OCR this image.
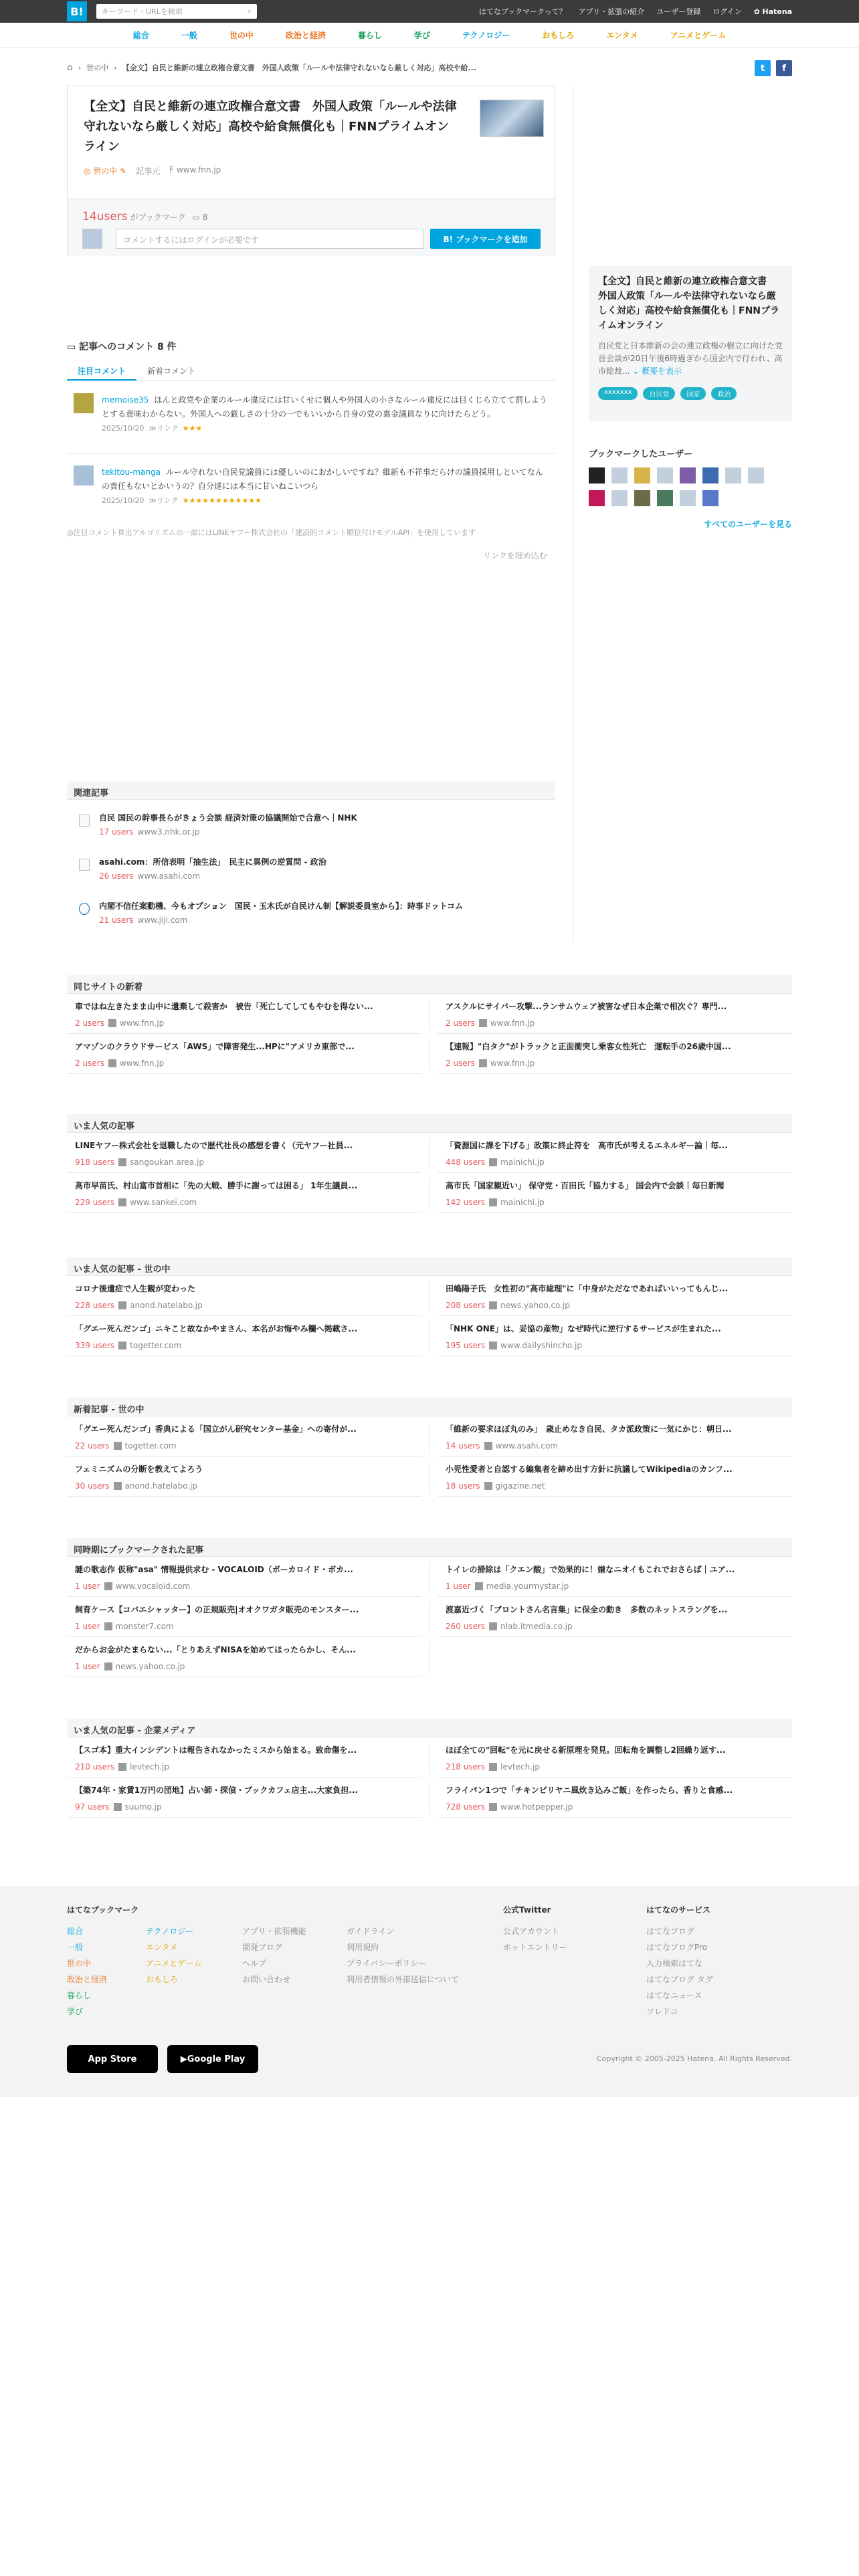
B!	キーワード・URLを検索	⌕	はてなブックマークって？ アプリ・拡張の紹介 ユーザー登録 ログイン ✿ Hatena
総合	一般	世の中	政治と経済	暮らし	学び	テクノロジー	おもしろ	エンタメ	アニメとゲーム
⌂ › 世の中 › 【全文】自民と維新の連立政権合意文書　外国人政策「ルールや法律守れないなら厳しく対応」高校や給...	t	f
【全文】自民と維新の連立政権合意文書　外国人政策「ルールや法律守れないなら厳しく対応」高校や給食無償化も｜FNNプライムオンライン
◎ 世の中 ✎ 記事元 F www.fnn.jp
14users がブックマーク ▭ 8
コメントするにはログインが必要です	B! ブックマークを追加
【全文】自民と維新の連立政権合意文書　外国人政策「ルールや法律守れないなら厳しく対応」高校や給食無償化も｜FNNプライムオンライン
自民党と日本維新の会の連立政権の樹立に向けた党首会談が20日午後6時過ぎから国会内で行われ、高市総裁... ⌄ 概要を表示
xxxxxxx	自民党	国家	政治
ブックマークしたユーザー
すべてのユーザーを見る
▭ 記事へのコメント 8 件
注目コメント	新着コメント
memoise35 ほんと政党や企業のルール違反には甘いくせに個人や外国人の小さなルール違反には目くじら立てて罰しようとする意味わからない。外国人への厳しさの十分の一でもいいから自身の党の裏金議員なりに向けたらどう。
2025/10/20 ≫リンク ★★★
tekitou-manga ルール守れない自民党議員には優しいのにおかしいですね？維新も不祥事だらけの議員採用しといてなんの責任もないとかいうの？自分達には本当に甘いねこいつら
2025/10/20 ≫リンク ★★★★★★★★★★★★
◎注目コメント算出アルゴリズムの一部にはLINEヤフー株式会社の「建設的コメント順位付けモデルAPI」を使用しています
リンクを埋め込む
関連記事
自民 国民の幹事長らがきょう会談 経済対策の協議開始で合意へ｜NHK
17 users www3.nhk.or.jp
asahi.com：所信表明「抽生法」　民主に異例の逆質問 - 政治
26 users www.asahi.com
内閣不信任案動機、今もオプション　国民・玉木氏が自民けん制【解説委員室から】：時事ドットコム
21 users www.jiji.com
同じサイトの新着
車ではね左きたまま山中に遺棄して殺害か　被告「死亡してしてもやむを得ない...
2 users www.fnn.jp
アスクルにサイバー攻撃...ランサムウェア被害なぜ日本企業で相次ぐ？専門...
2 users www.fnn.jp
アマゾンのクラウドサービス「AWS」で障害発生...HPに"アメリカ東部で...
2 users www.fnn.jp
【速報】"白タク"がトラックと正面衝突し乗客女性死亡　運転手の26歳中国...
2 users www.fnn.jp
いま人気の記事
LINEヤフー株式会社を退職したので歴代社長の感想を書く（元ヤフー社員...
918 users sangoukan.area.jp
「資源国に課を下げる」政策に終止符を　高市氏が考えるエネルギー論｜毎...
448 users mainichi.jp
高市早苗氏、村山富市首相に「先の大戦、勝手に謝っては困る」 1年生議員...
229 users www.sankei.com
高市氏「国家観近い」 保守党・百田氏「協力する」 国会内で会談｜毎日新聞
142 users mainichi.jp
いま人気の記事 - 世の中
コロナ後遺症で人生観が変わった
228 users anond.hatelabo.jp
田嶋陽子氏　女性初の"高市総理"に「中身がただなであればいいってもんじ...
208 users news.yahoo.co.jp
「グエー死んだンゴ」ニキこと故なかやまさん、本名がお悔やみ欄へ掲載さ...
339 users togetter.com
「NHK ONE」は、妥協の産物」なぜ時代に逆行するサービスが生まれた...
195 users www.dailyshincho.jp
新着記事 - 世の中
「グエー死んだンゴ」香典による「国立がん研究センター基金」への寄付が...
22 users togetter.com
「維新の要求ほぼ丸のみ」　歳止めなき自民、タカ派政策に一気にかじ：朝日...
14 users www.asahi.com
フェミニズムの分断を教えてよろう
30 users anond.hatelabo.jp
小児性愛者と自認する編集者を締め出す方針に抗議してWikipediaのカンフ...
18 users gigazine.net
同時期にブックマークされた記事
謎の歌志作 仮称"asa" 情報提供求む - VOCALOID（ボーカロイド・ボカ...
1 user www.vocaloid.com
トイレの掃除は「クエン酸」で効果的に！嫌なニオイもこれでおさらば｜ユア...
1 user media.yourmystar.jp
飼育ケース【コバエシャッター】の正規販売|オオクワガタ販売のモンスター...
1 user monster7.com
渡嘉近づく「ブロントさん名言集」に保全の動き　多数のネットスラングを...
260 users nlab.itmedia.co.jp
だからお金がたまらない...「とりあえずNISAを始めてほったらかし、そん...
1 user news.yahoo.co.jp
いま人気の記事 - 企業メディア
【スゴ本】重大インシデントは報告されなかったミスから始まる。致命傷を...
210 users levtech.jp
ほぼ全ての"回転"を元に戻せる新原理を発見。回転角を調整し2回繰り返す...
218 users levtech.jp
【築74年・家賃1万円の団地】占い師・探偵・ブックカフェ店主...大家負担...
97 users suumo.jp
フライパン1つで「チキンピリヤニ風炊き込みご飯」を作ったら、香りと食感...
728 users www.hotpepper.jp
はてなブックマーク
総合
一般
世の中
政治と経済
暮らし
学び
テクノロジー
エンタメ
アニメとゲーム
おもしろ
アプリ・拡張機能
開発ブログ
ヘルプ
お問い合わせ
ガイドライン
利用規約
プライバシーポリシー
利用者情報の外部送信について
公式Twitter
公式アカウント
ホットエントリー
はてなのサービス
はてなブログ
はてなブログPro
人力検索はてな
はてなブログ タグ
はてなニュース
ソレドコ
App Store	▶ Google Play	Copyright © 2005-2025 Hatena. All Rights Reserved.
